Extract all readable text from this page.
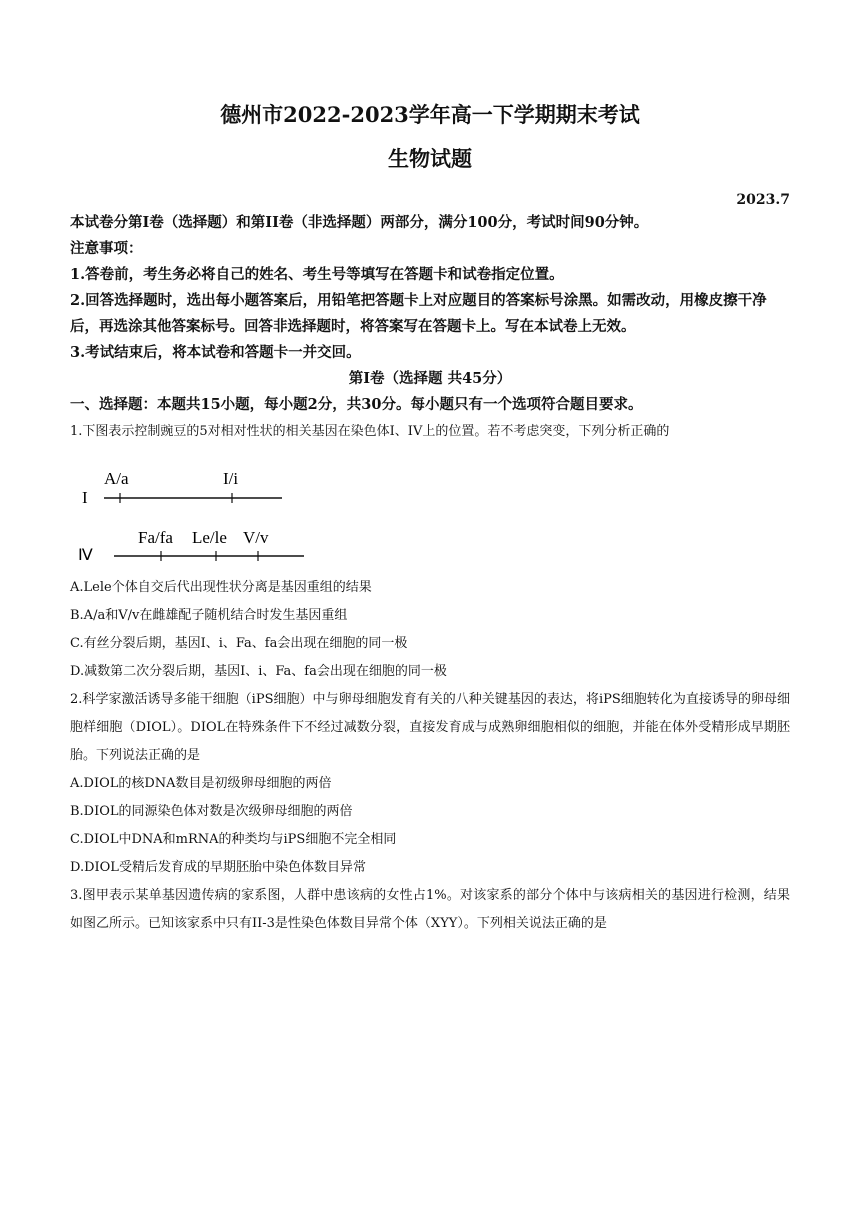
德州市2022-2023学年高一下学期期末考试
生物试题
2023.7
本试卷分第I卷（选择题）和第II卷（非选择题）两部分，满分100分，考试时间90分钟。
注意事项：
1.答卷前，考生务必将自己的姓名、考生号等填写在答题卡和试卷指定位置。
2.回答选择题时，选出每小题答案后，用铅笔把答题卡上对应题目的答案标号涂黑。如需改动，用橡皮擦干净后，再选涂其他答案标号。回答非选择题时，将答案写在答题卡上。写在本试卷上无效。
3.考试结束后，将本试卷和答题卡一并交回。
第I卷（选择题 共45分）
一、选择题：本题共15小题，每小题2分，共30分。每小题只有一个选项符合题目要求。
1.下图表示控制豌豆的5对相对性状的相关基因在染色体I、IV上的位置。若不考虑突变，下列分析正确的
I
A/a	I/i
Ⅳ
Fa/fa Le/le V/v
A.Lele个体自交后代出现性状分离是基因重组的结果
B.A/a和V/v在雌雄配子随机结合时发生基因重组
C.有丝分裂后期，基因I、i、Fa、fa会出现在细胞的同一极
D.减数第二次分裂后期，基因I、i、Fa、fa会出现在细胞的同一极
2.科学家激活诱导多能干细胞（iPS细胞）中与卵母细胞发育有关的八种关键基因的表达，将iPS细胞转化为直接诱导的卵母细胞样细胞（DIOL）。DIOL在特殊条件下不经过减数分裂，直接发育成与成熟卵细胞相似的细胞，并能在体外受精形成早期胚胎。下列说法正确的是
A.DIOL的核DNA数目是初级卵母细胞的两倍
B.DIOL的同源染色体对数是次级卵母细胞的两倍
C.DIOL中DNA和mRNA的种类均与iPS细胞不完全相同
D.DIOL受精后发育成的早期胚胎中染色体数目异常
3.图甲表示某单基因遗传病的家系图，人群中患该病的女性占1%。对该家系的部分个体中与该病相关的基因进行检测，结果如图乙所示。已知该家系中只有II-3是性染色体数目异常个体（XYY）。下列相关说法正确的是
